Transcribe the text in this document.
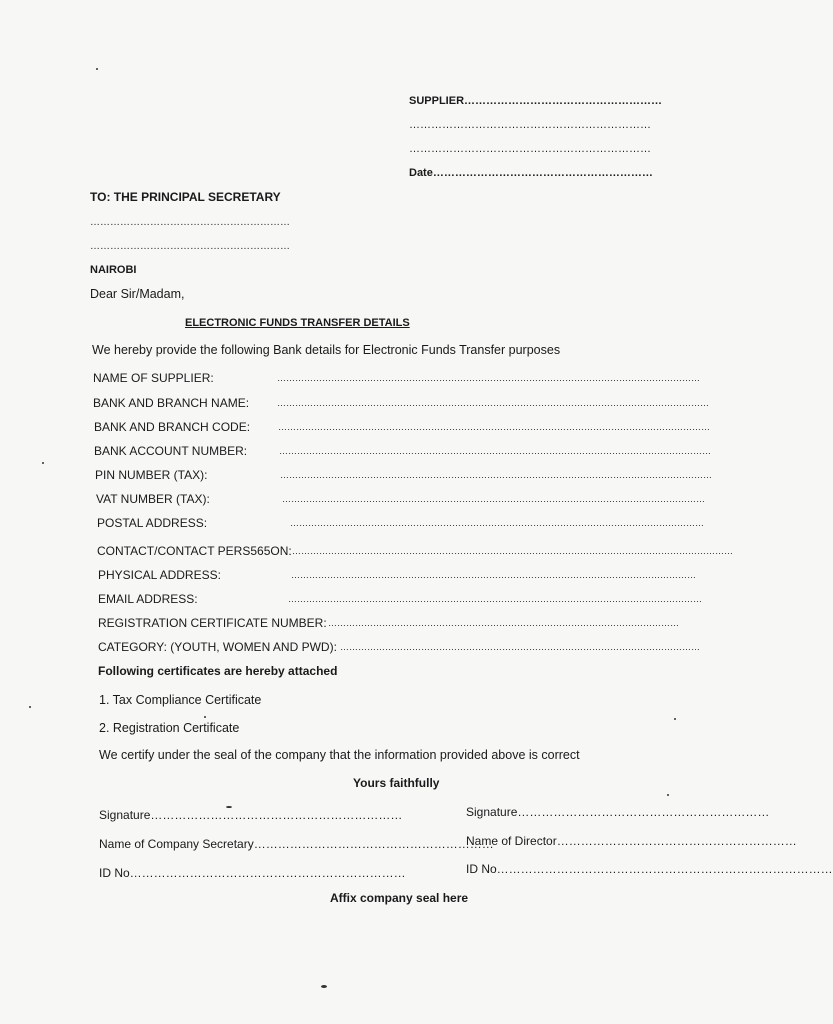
SUPPLIER………………………………………………
…………………………………………………………
…………………………………………………………
Date……………………………………………………
TO: THE PRINCIPAL SECRETARY
……………………………………………………
……………………………………………………
NAIROBI
Dear Sir/Madam,
ELECTRONIC FUNDS TRANSFER DETAILS
We hereby provide the following Bank details for Electronic Funds Transfer purposes
NAME OF SUPPLIER:	……………………………………………………………………………………………………………………………
BANK AND BRANCH NAME:	………………………………………………………………………………………………………………………………
BANK AND BRANCH CODE:	………………………………………………………………………………………………………………………………
BANK ACCOUNT NUMBER:	………………………………………………………………………………………………………………………………
PIN NUMBER (TAX):	………………………………………………………………………………………………………………………………
VAT NUMBER (TAX):	……………………………………………………………………………………………………………………………
POSTAL ADDRESS:	…………………………………………………………………………………………………………………………
CONTACT/CONTACT PERS565ON: …………………………………………………………………………………………………………………………………
PHYSICAL ADDRESS:	………………………………………………………………………………………………………………………
EMAIL ADDRESS:	…………………………………………………………………………………………………………………………
REGISTRATION CERTIFICATE NUMBER: ………………………………………………………………………………………………………
CATEGORY: (YOUTH, WOMEN AND PWD): …………………………………………………………………………………………………………
Following certificates are hereby attached
1. Tax Compliance Certificate
2. Registration Certificate
We certify under the seal of the company that the information provided above is correct
Yours faithfully
Signature………………………………………………………
Name of Company Secretary……………………………………………………
ID No……………………………………………………………
Signature………………………………………………………
Name of Director……………………………………………………
ID No…………………………………………………………………………
Affix company seal here
